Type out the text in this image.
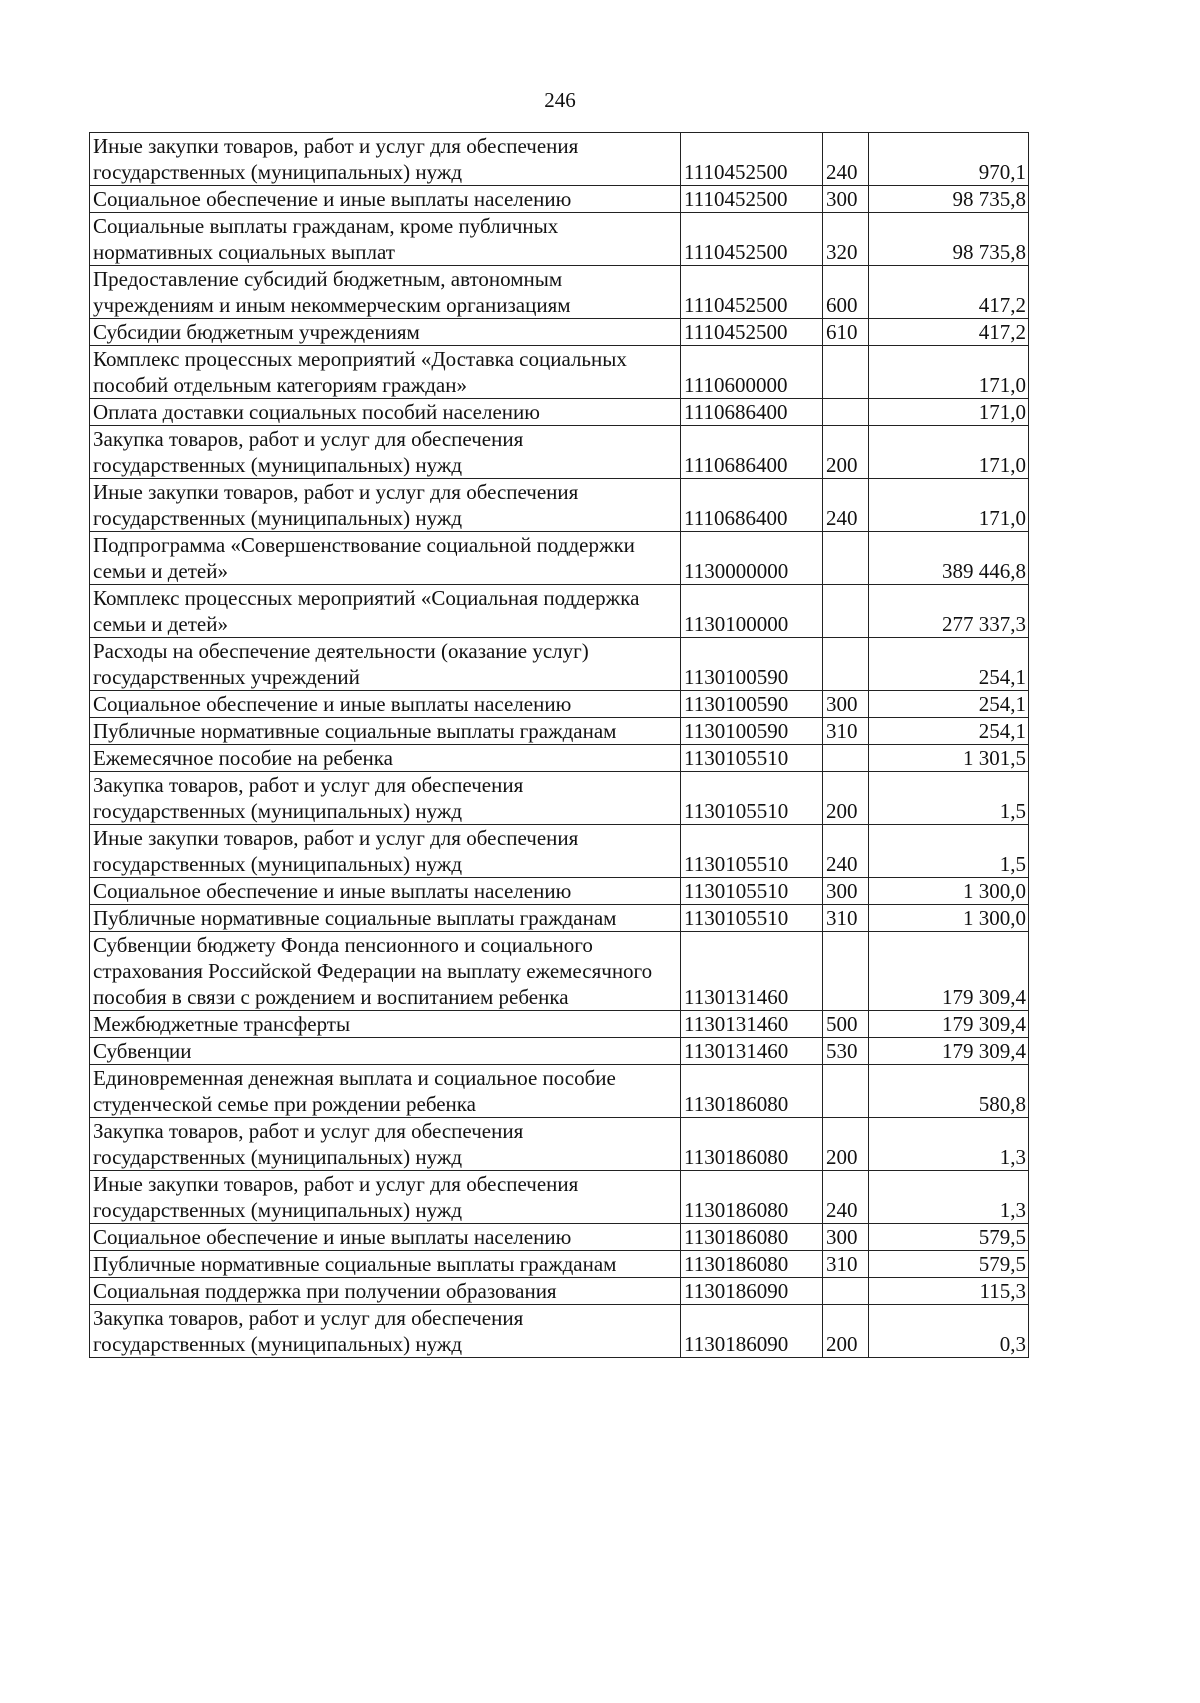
246
Иные закупки товаров, работ и услуг для обеспечения государственных (муниципальных) нужд	1110452500	240	970,1
Социальное обеспечение и иные выплаты населению	1110452500	300	98 735,8
Социальные выплаты гражданам, кроме публичных нормативных социальных выплат	1110452500	320	98 735,8
Предоставление субсидий бюджетным, автономным учреждениям и иным некоммерческим организациям	1110452500	600	417,2
Субсидии бюджетным учреждениям	1110452500	610	417,2
Комплекс процессных мероприятий «Доставка социальных пособий отдельным категориям граждан»	1110600000		171,0
Оплата доставки социальных пособий населению	1110686400		171,0
Закупка товаров, работ и услуг для обеспечения государственных (муниципальных) нужд	1110686400	200	171,0
Иные закупки товаров, работ и услуг для обеспечения государственных (муниципальных) нужд	1110686400	240	171,0
Подпрограмма «Совершенствование социальной поддержки семьи и детей»	1130000000		389 446,8
Комплекс процессных мероприятий «Социальная поддержка семьи и детей»	1130100000		277 337,3
Расходы на обеспечение деятельности (оказание услуг) государственных учреждений	1130100590		254,1
Социальное обеспечение и иные выплаты населению	1130100590	300	254,1
Публичные нормативные социальные выплаты гражданам	1130100590	310	254,1
Ежемесячное пособие на ребенка	1130105510		1 301,5
Закупка товаров, работ и услуг для обеспечения государственных (муниципальных) нужд	1130105510	200	1,5
Иные закупки товаров, работ и услуг для обеспечения государственных (муниципальных) нужд	1130105510	240	1,5
Социальное обеспечение и иные выплаты населению	1130105510	300	1 300,0
Публичные нормативные социальные выплаты гражданам	1130105510	310	1 300,0
Субвенции бюджету Фонда пенсионного и социального страхования Российской Федерации на выплату ежемесячного пособия в связи с рождением и воспитанием ребенка	1130131460		179 309,4
Межбюджетные трансферты	1130131460	500	179 309,4
Субвенции	1130131460	530	179 309,4
Единовременная денежная выплата и социальное пособие студенческой семье при рождении ребенка	1130186080		580,8
Закупка товаров, работ и услуг для обеспечения государственных (муниципальных) нужд	1130186080	200	1,3
Иные закупки товаров, работ и услуг для обеспечения государственных (муниципальных) нужд	1130186080	240	1,3
Социальное обеспечение и иные выплаты населению	1130186080	300	579,5
Публичные нормативные социальные выплаты гражданам	1130186080	310	579,5
Социальная поддержка при получении образования	1130186090		115,3
Закупка товаров, работ и услуг для обеспечения государственных (муниципальных) нужд	1130186090	200	0,3
